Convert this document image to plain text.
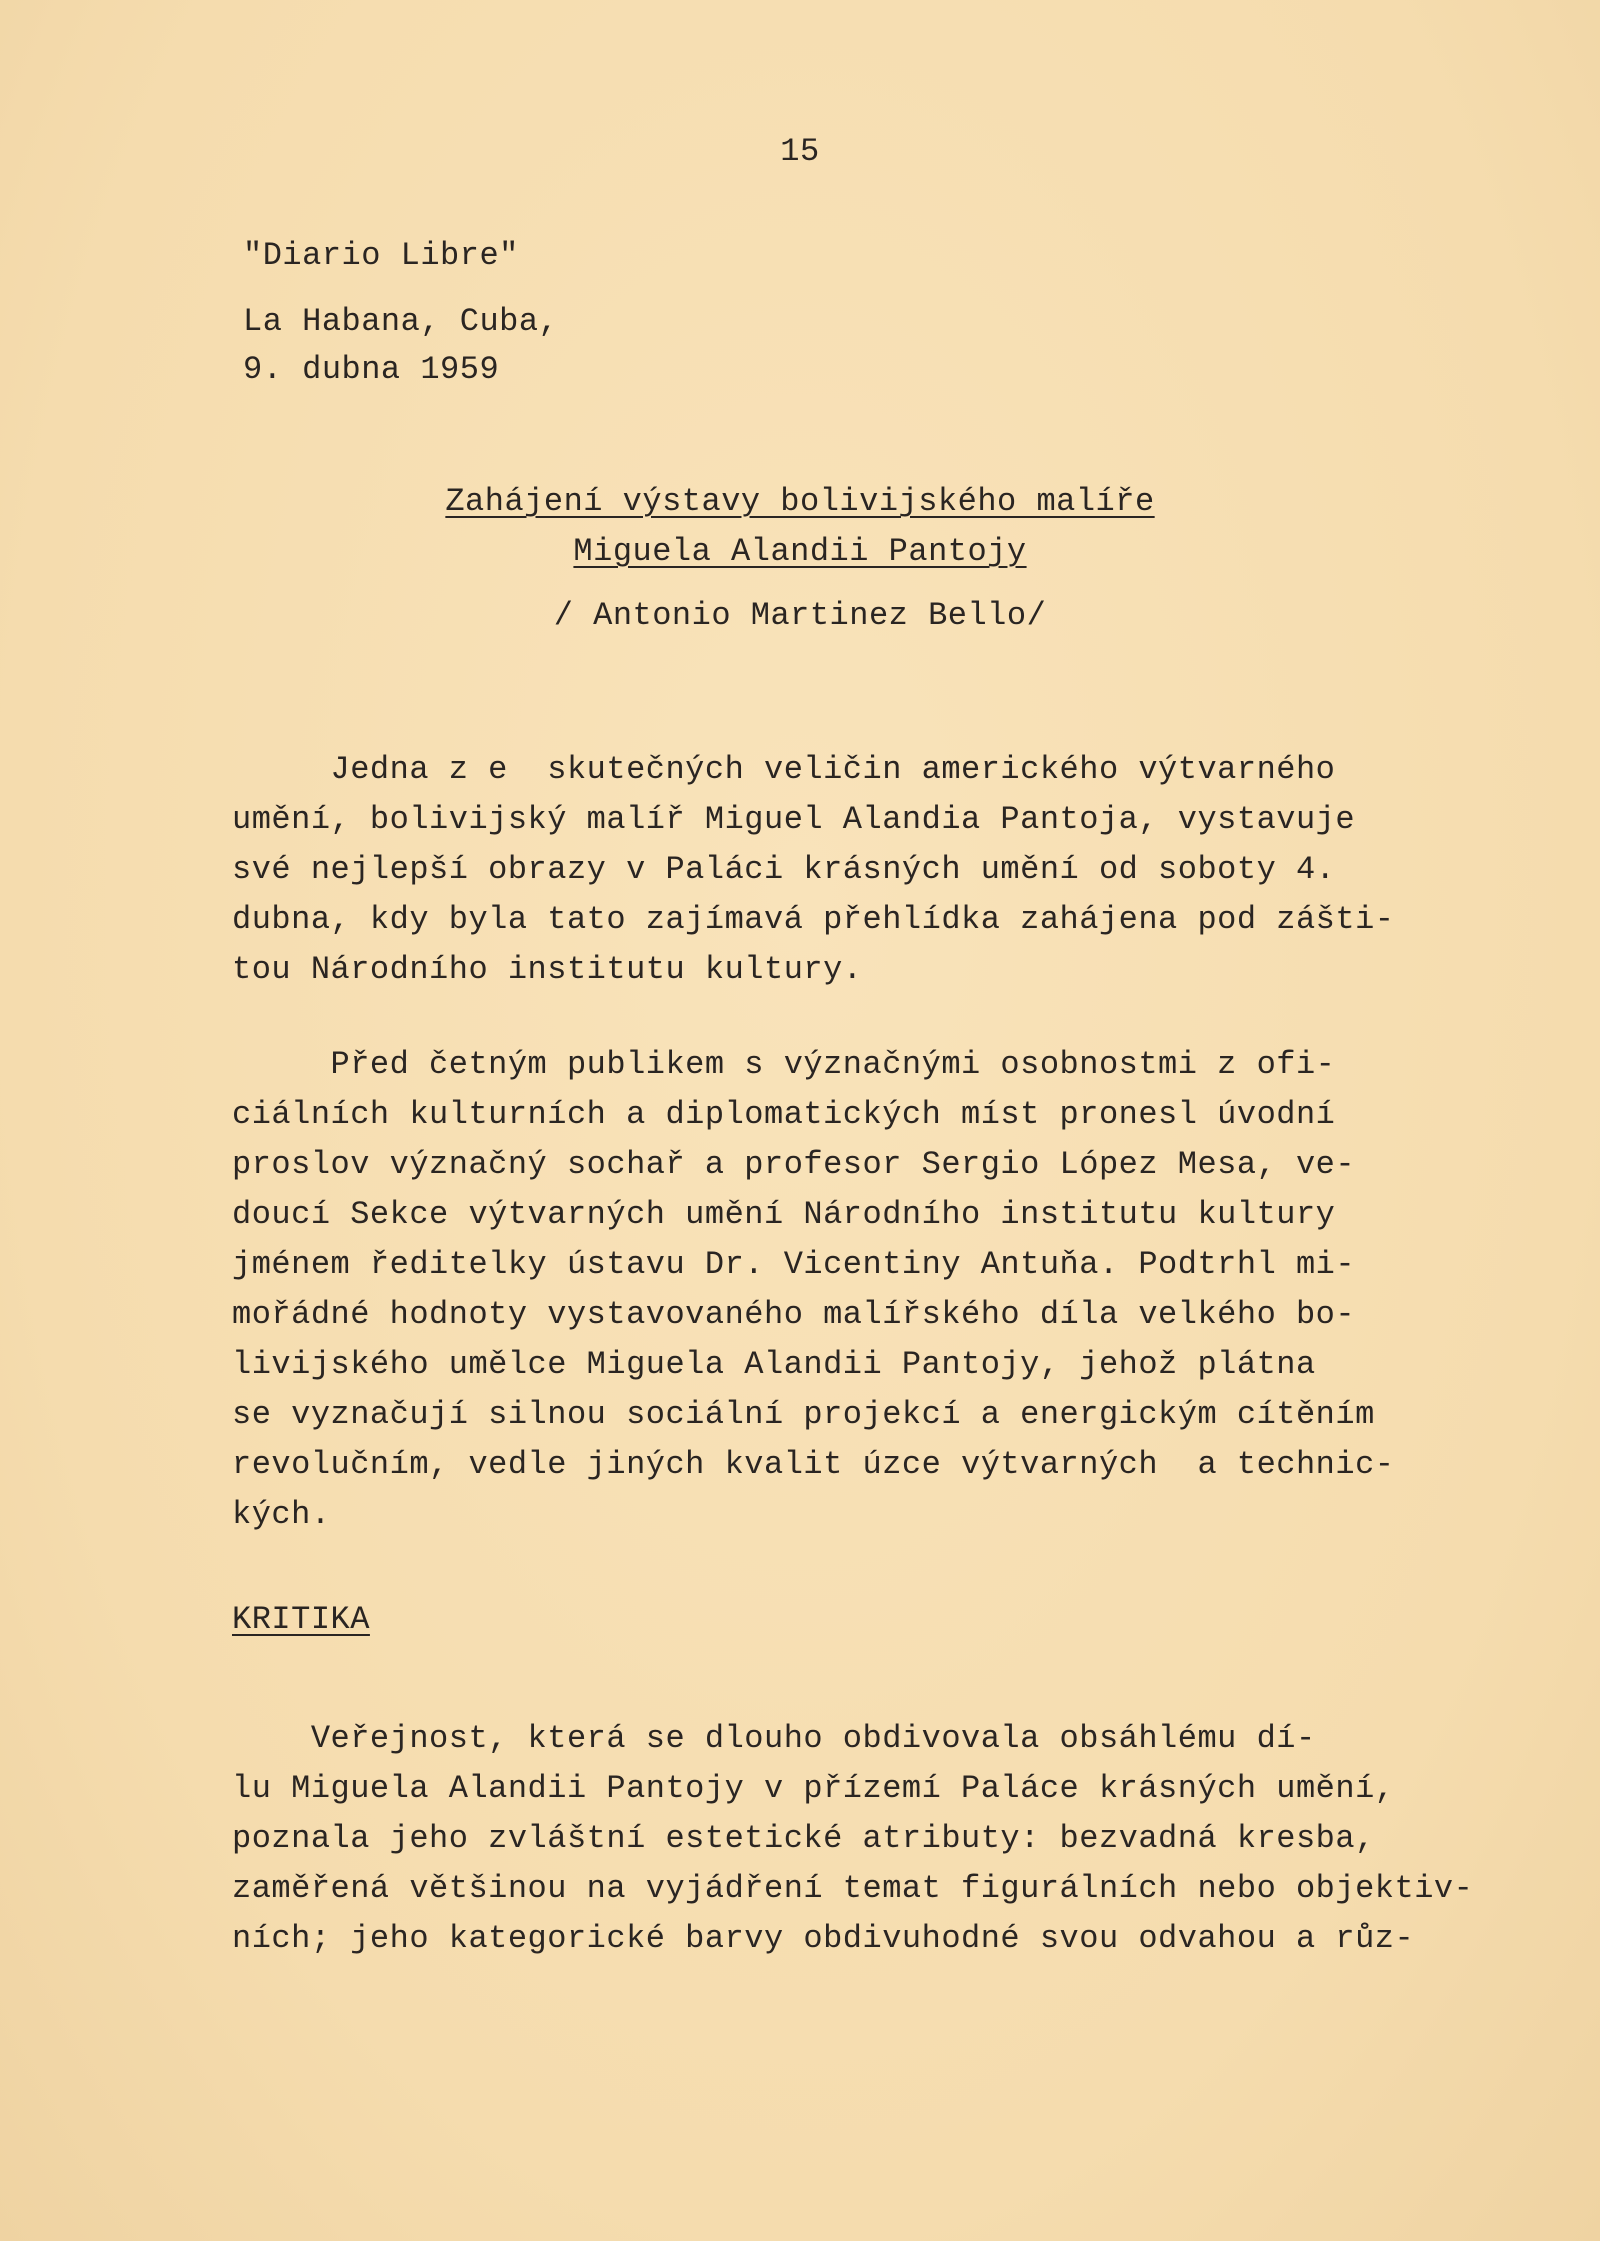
15
"Diario Libre"
La Habana, Cuba,
9. dubna 1959
Zahájení výstavy bolivijského malíře
Miguela Alandii Pantojy
/ Antonio Martinez Bello/
Jedna z e  skutečných veličin amerického výtvarného
umění, bolivijský malíř Miguel Alandia Pantoja, vystavuje
své nejlepší obrazy v Paláci krásných umění od soboty 4.
dubna, kdy byla tato zajímavá přehlídka zahájena pod zášti-
tou Národního institutu kultury.
Před četným publikem s význačnými osobnostmi z ofi-
ciálních kulturních a diplomatických míst pronesl úvodní
proslov význačný sochař a profesor Sergio López Mesa, ve-
doucí Sekce výtvarných umění Národního institutu kultury
jménem ředitelky ústavu Dr. Vicentiny Antuňa. Podtrhl mi-
mořádné hodnoty vystavovaného malířského díla velkého bo-
livijského umělce Miguela Alandii Pantojy, jehož plátna
se vyznačují silnou sociální projekcí a energickým cítěním
revolučním, vedle jiných kvalit úzce výtvarných  a technic-
kých.
KRITIKA
Veřejnost, která se dlouho obdivovala obsáhlému dí-
lu Miguela Alandii Pantojy v přízemí Paláce krásných umění,
poznala jeho zvláštní estetické atributy: bezvadná kresba,
zaměřená většinou na vyjádření temat figurálních nebo objektiv-
ních; jeho kategorické barvy obdivuhodné svou odvahou a růz-
